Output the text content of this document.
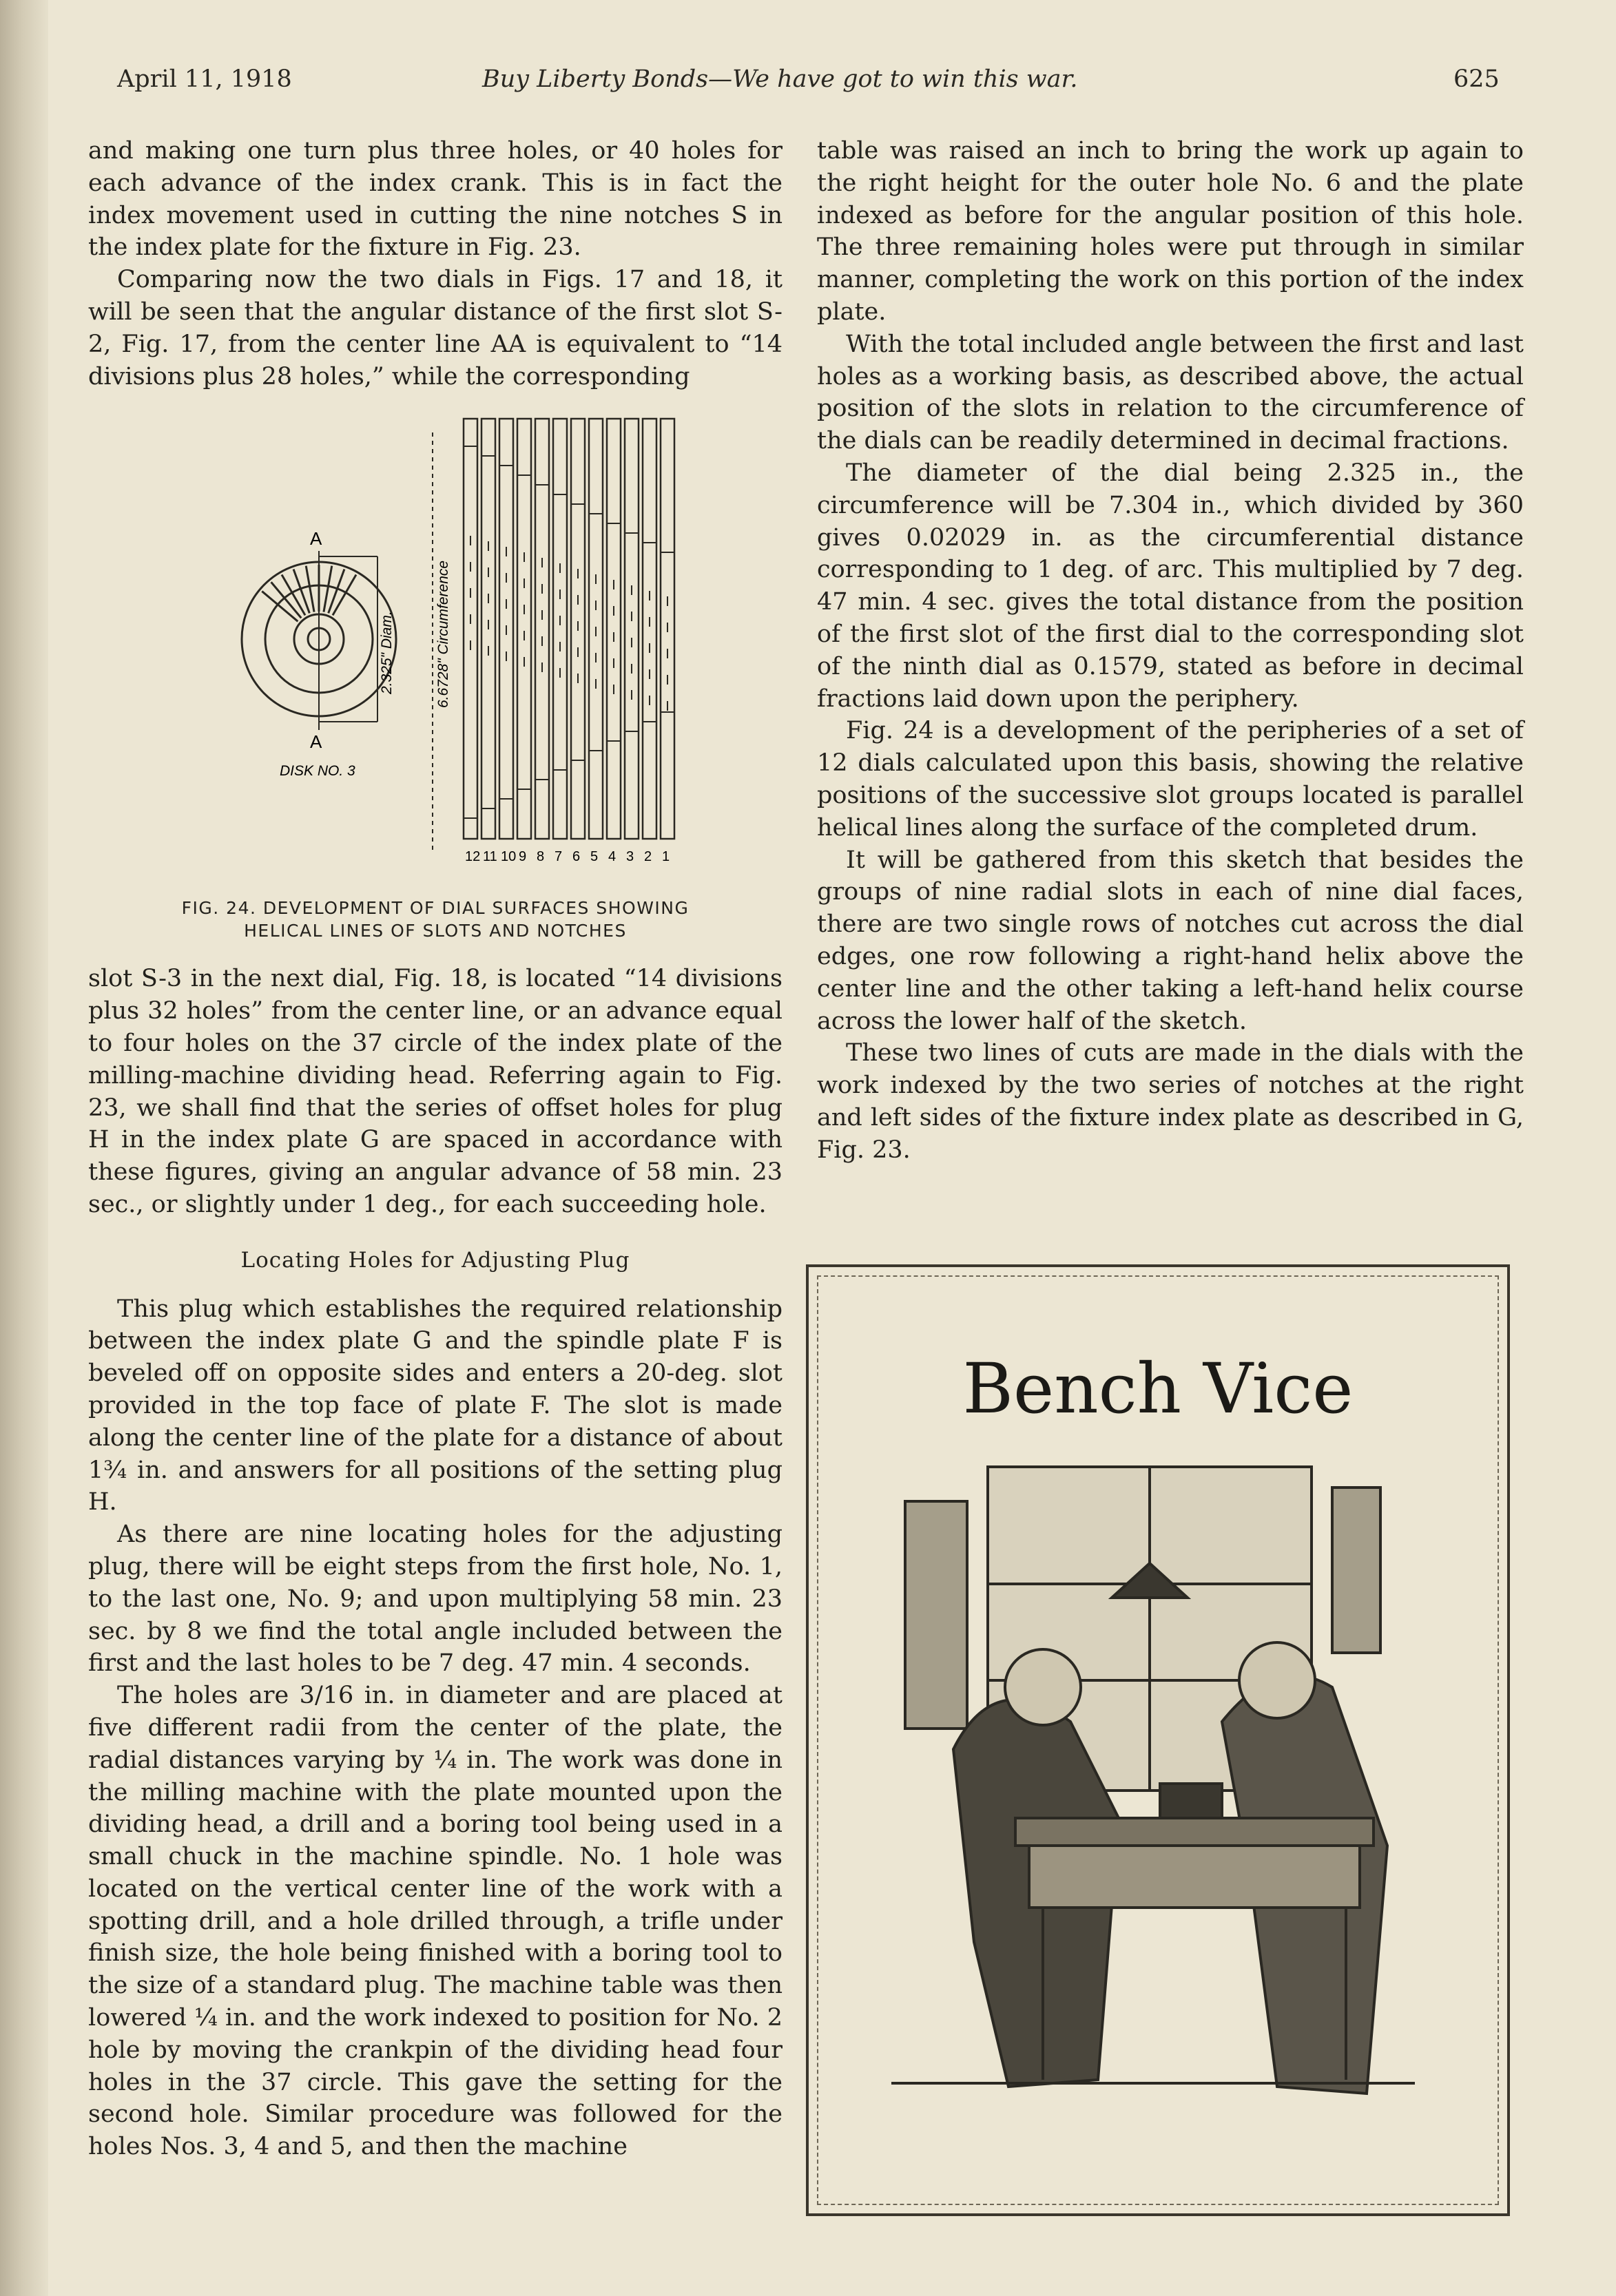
April 11, 1918	Buy Liberty Bonds—We have got to win this war.	625

and making one turn plus three holes, or 40 holes for each advance of the index crank. This is in fact the index movement used in cutting the nine notches S in the index plate for the fixture in Fig. 23.

Comparing now the two dials in Figs. 17 and 18, it will be seen that the angular distance of the first slot S-2, Fig. 17, from the center line AA is equivalent to “14 divisions plus 28 holes,” while the corresponding

A
A
DISK NO. 3
2.325" Diam.	6.6728" Circumference
12 11 10 9 8 7 6 5 4 3 2 1
FIG. 24. DEVELOPMENT OF DIAL SURFACES SHOWING
HELICAL LINES OF SLOTS AND NOTCHES

slot S-3 in the next dial, Fig. 18, is located “14 divisions plus 32 holes” from the center line, or an advance equal to four holes on the 37 circle of the index plate of the milling-machine dividing head. Referring again to Fig. 23, we shall find that the series of offset holes for plug H in the index plate G are spaced in accordance with these figures, giving an angular advance of 58 min. 23 sec., or slightly under 1 deg., for each succeeding hole.

Locating Holes for Adjusting Plug

This plug which establishes the required relationship between the index plate G and the spindle plate F is beveled off on opposite sides and enters a 20-deg. slot provided in the top face of plate F. The slot is made along the center line of the plate for a distance of about 1¾ in. and answers for all positions of the setting plug H.

As there are nine locating holes for the adjusting plug, there will be eight steps from the first hole, No. 1, to the last one, No. 9; and upon multiplying 58 min. 23 sec. by 8 we find the total angle included between the first and the last holes to be 7 deg. 47 min. 4 seconds.

The holes are 3/16 in. in diameter and are placed at five different radii from the center of the plate, the radial distances varying by ¼ in. The work was done in the milling machine with the plate mounted upon the dividing head, a drill and a boring tool being used in a small chuck in the machine spindle. No. 1 hole was located on the vertical center line of the work with a spotting drill, and a hole drilled through, a trifle under finish size, the hole being finished with a boring tool to the size of a standard plug. The machine table was then lowered ¼ in. and the work indexed to position for No. 2 hole by moving the crankpin of the dividing head four holes in the 37 circle. This gave the setting for the second hole. Similar procedure was followed for the holes Nos. 3, 4 and 5, and then the machine

table was raised an inch to bring the work up again to the right height for the outer hole No. 6 and the plate indexed as before for the angular position of this hole. The three remaining holes were put through in similar manner, completing the work on this portion of the index plate.

With the total included angle between the first and last holes as a working basis, as described above, the actual position of the slots in relation to the circumference of the dials can be readily determined in decimal fractions.

The diameter of the dial being 2.325 in., the circumference will be 7.304 in., which divided by 360 gives 0.02029 in. as the circumferential distance corresponding to 1 deg. of arc. This multiplied by 7 deg. 47 min. 4 sec. gives the total distance from the position of the first slot of the first dial to the corresponding slot of the ninth dial as 0.1579, stated as before in decimal fractions laid down upon the periphery.

Fig. 24 is a development of the peripheries of a set of 12 dials calculated upon this basis, showing the relative positions of the successive slot groups located is parallel helical lines along the surface of the completed drum.

It will be gathered from this sketch that besides the groups of nine radial slots in each of nine dial faces, there are two single rows of notches cut across the dial edges, one row following a right-hand helix above the center line and the other taking a left-hand helix course across the lower half of the sketch.

These two lines of cuts are made in the dials with the work indexed by the two series of notches at the right and left sides of the fixture index plate as described in G, Fig. 23.

Bench Vice
